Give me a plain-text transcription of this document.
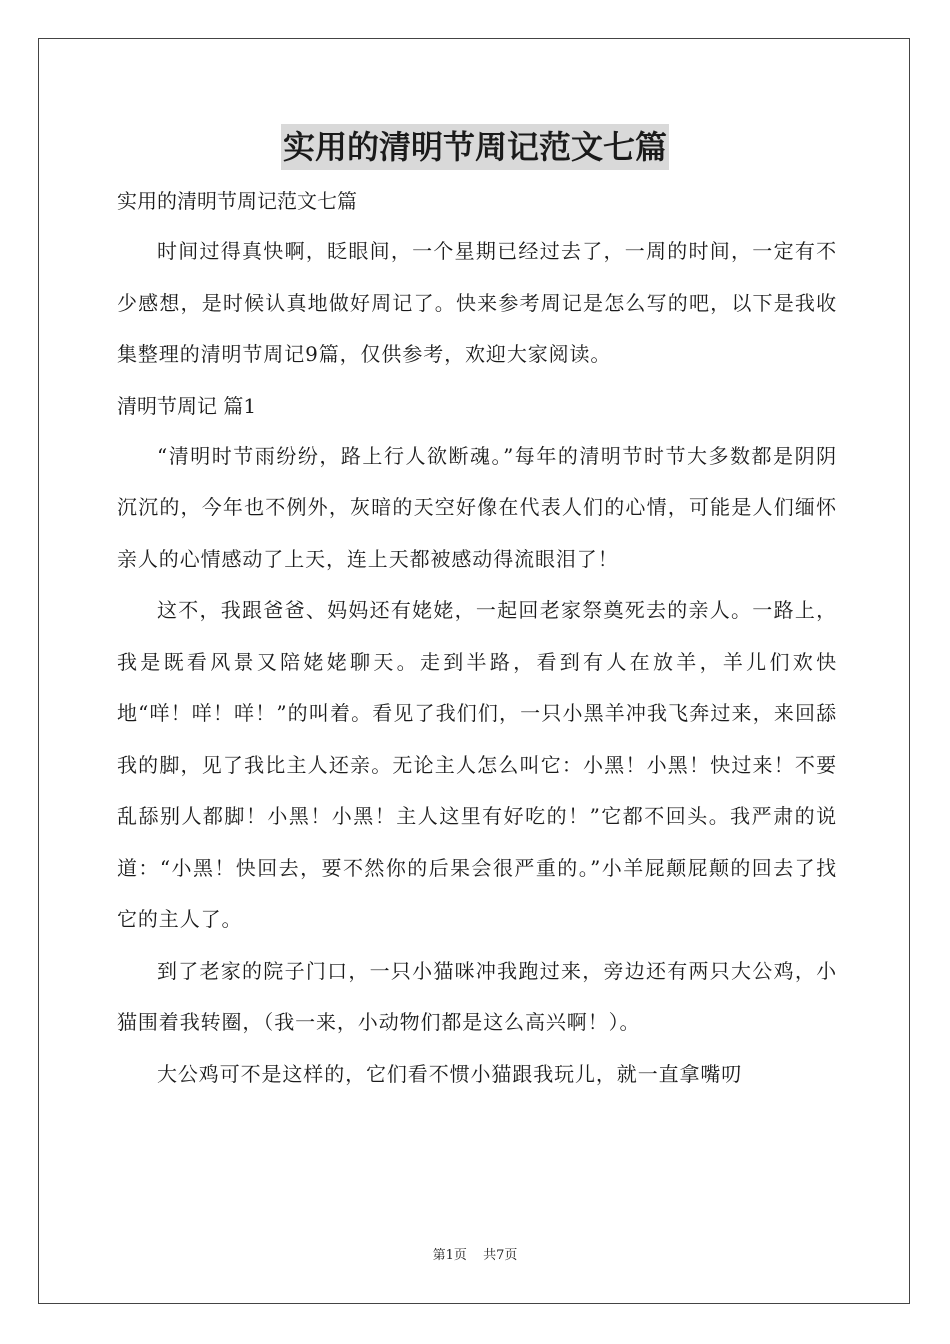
实用的清明节周记范文七篇
实用的清明节周记范文七篇

时间过得真快啊，眨眼间，一个星期已经过去了，一周的时间，一定有不少感想，是时候认真地做好周记了。快来参考周记是怎么写的吧，以下是我收集整理的清明节周记9篇，仅供参考，欢迎大家阅读。

清明节周记 篇1

“清明时节雨纷纷，路上行人欲断魂。”每年的清明节时节大多数都是阴阴沉沉的，今年也不例外，灰暗的天空好像在代表人们的心情，可能是人们缅怀亲人的心情感动了上天，连上天都被感动得流眼泪了！

这不，我跟爸爸、妈妈还有姥姥，一起回老家祭奠死去的亲人。一路上，我是既看风景又陪姥姥聊天。走到半路，看到有人在放羊，羊儿们欢快地“咩！咩！咩！”的叫着。看见了我们们，一只小黑羊冲我飞奔过来，来回舔我的脚，见了我比主人还亲。无论主人怎么叫它：小黑！小黑！快过来！不要乱舔别人都脚！小黑！小黑！主人这里有好吃的！”它都不回头。我严肃的说道：“小黑！快回去，要不然你的后果会很严重的。”小羊屁颠屁颠的回去了找它的主人了。

到了老家的院子门口，一只小猫咪冲我跑过来，旁边还有两只大公鸡，小猫围着我转圈，（我一来，小动物们都是这么高兴啊！）。

大公鸡可不是这样的，它们看不惯小猫跟我玩儿，就一直拿嘴叨

第1页 共7页
